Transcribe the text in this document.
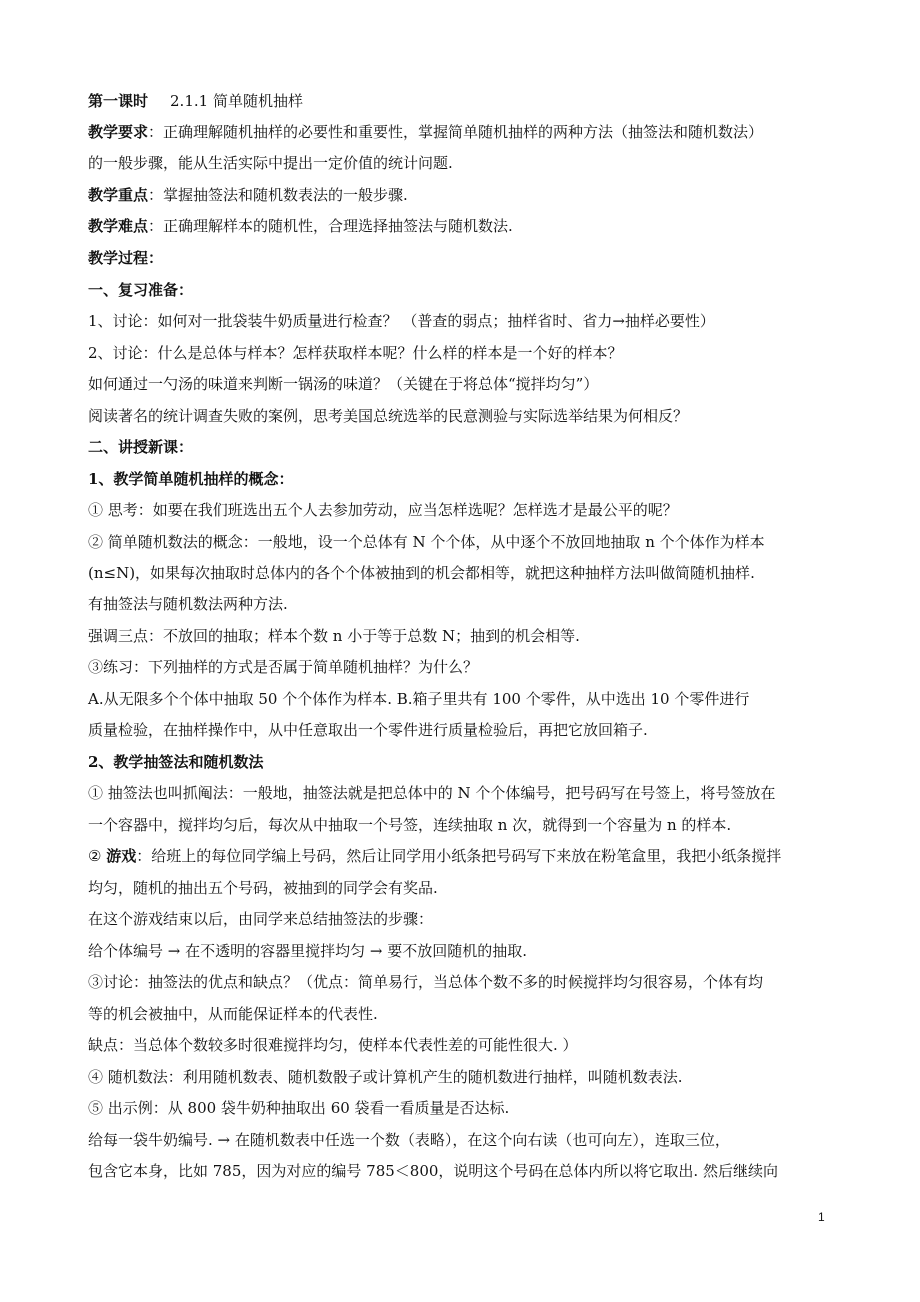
第一课时 2.1.1 简单随机抽样
教学要求：正确理解随机抽样的必要性和重要性，掌握简单随机抽样的两种方法（抽签法和随机数法）
的一般步骤，能从生活实际中提出一定价值的统计问题.
教学重点：掌握抽签法和随机数表法的一般步骤.
教学难点：正确理解样本的随机性，合理选择抽签法与随机数法.
教学过程：
一、复习准备：
1、讨论：如何对一批袋装牛奶质量进行检查？ （普查的弱点；抽样省时、省力→抽样必要性）
2、讨论：什么是总体与样本？怎样获取样本呢？什么样的样本是一个好的样本？
如何通过一勺汤的味道来判断一锅汤的味道？（关键在于将总体“搅拌均匀”）
阅读著名的统计调查失败的案例，思考美国总统选举的民意测验与实际选举结果为何相反？
二、讲授新课：
1、教学简单随机抽样的概念：
① 思考：如要在我们班选出五个人去参加劳动，应当怎样选呢？怎样选才是最公平的呢？
② 简单随机数法的概念：一般地，设一个总体有 N 个个体，从中逐个不放回地抽取 n 个个体作为样本
(n≤N)，如果每次抽取时总体内的各个个体被抽到的机会都相等，就把这种抽样方法叫做简随机抽样.
有抽签法与随机数法两种方法.
强调三点：不放回的抽取；样本个数 n 小于等于总数 N；抽到的机会相等.
③练习：下列抽样的方式是否属于简单随机抽样？为什么？
A.从无限多个个体中抽取 50 个个体作为样本. B.箱子里共有 100 个零件，从中选出 10 个零件进行
质量检验，在抽样操作中，从中任意取出一个零件进行质量检验后，再把它放回箱子.
2、教学抽签法和随机数法
① 抽签法也叫抓阄法：一般地，抽签法就是把总体中的 N 个个体编号，把号码写在号签上，将号签放在
一个容器中，搅拌均匀后，每次从中抽取一个号签，连续抽取 n 次，就得到一个容量为 n 的样本.
② 游戏：给班上的每位同学编上号码，然后让同学用小纸条把号码写下来放在粉笔盒里，我把小纸条搅拌
均匀，随机的抽出五个号码，被抽到的同学会有奖品.
在这个游戏结束以后，由同学来总结抽签法的步骤：
给个体编号 → 在不透明的容器里搅拌均匀 → 要不放回随机的抽取.
③讨论：抽签法的优点和缺点？（优点：简单易行，当总体个数不多的时候搅拌均匀很容易，个体有均
等的机会被抽中，从而能保证样本的代表性.
缺点：当总体个数较多时很难搅拌均匀，使样本代表性差的可能性很大. ）
④ 随机数法：利用随机数表、随机数骰子或计算机产生的随机数进行抽样，叫随机数表法.
⑤ 出示例：从 800 袋牛奶种抽取出 60 袋看一看质量是否达标.
给每一袋牛奶编号. → 在随机数表中任选一个数（表略），在这个向右读（也可向左），连取三位，
包含它本身，比如 785，因为对应的编号 785＜800，说明这个号码在总体内所以将它取出. 然后继续向
1
